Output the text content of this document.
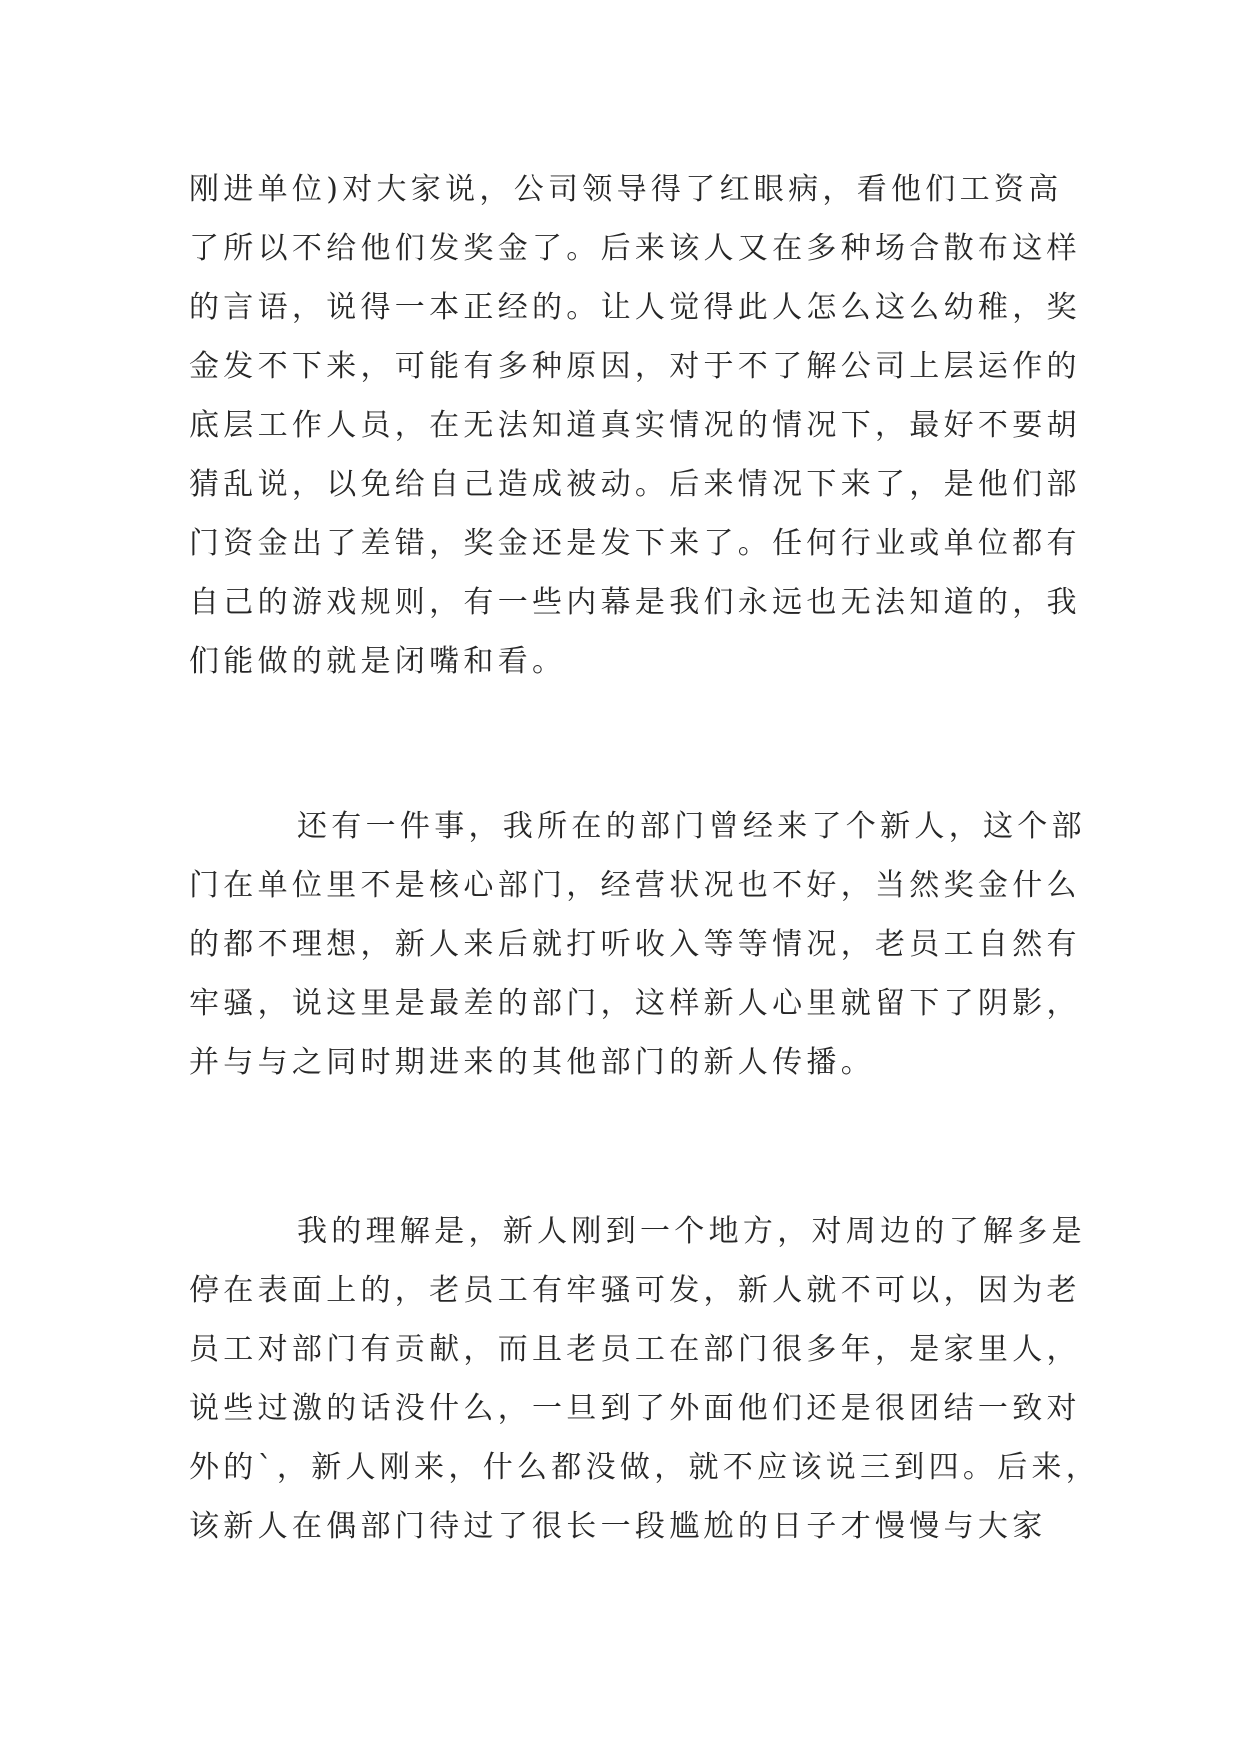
刚进单位)对大家说，公司领导得了红眼病，看他们工资高
了所以不给他们发奖金了。后来该人又在多种场合散布这样
的言语，说得一本正经的。让人觉得此人怎么这么幼稚，奖
金发不下来，可能有多种原因，对于不了解公司上层运作的
底层工作人员，在无法知道真实情况的情况下，最好不要胡
猜乱说，以免给自己造成被动。后来情况下来了，是他们部
门资金出了差错，奖金还是发下来了。任何行业或单位都有
自己的游戏规则，有一些内幕是我们永远也无法知道的，我
们能做的就是闭嘴和看。
还有一件事，我所在的部门曾经来了个新人，这个部
门在单位里不是核心部门，经营状况也不好，当然奖金什么
的都不理想，新人来后就打听收入等等情况，老员工自然有
牢骚，说这里是最差的部门，这样新人心里就留下了阴影，
并与与之同时期进来的其他部门的新人传播。
我的理解是，新人刚到一个地方，对周边的了解多是
停在表面上的，老员工有牢骚可发，新人就不可以，因为老
员工对部门有贡献，而且老员工在部门很多年，是家里人，
说些过激的话没什么，一旦到了外面他们还是很团结一致对
外的`，新人刚来，什么都没做，就不应该说三到四。后来，
该新人在偶部门待过了很长一段尴尬的日子才慢慢与大家
